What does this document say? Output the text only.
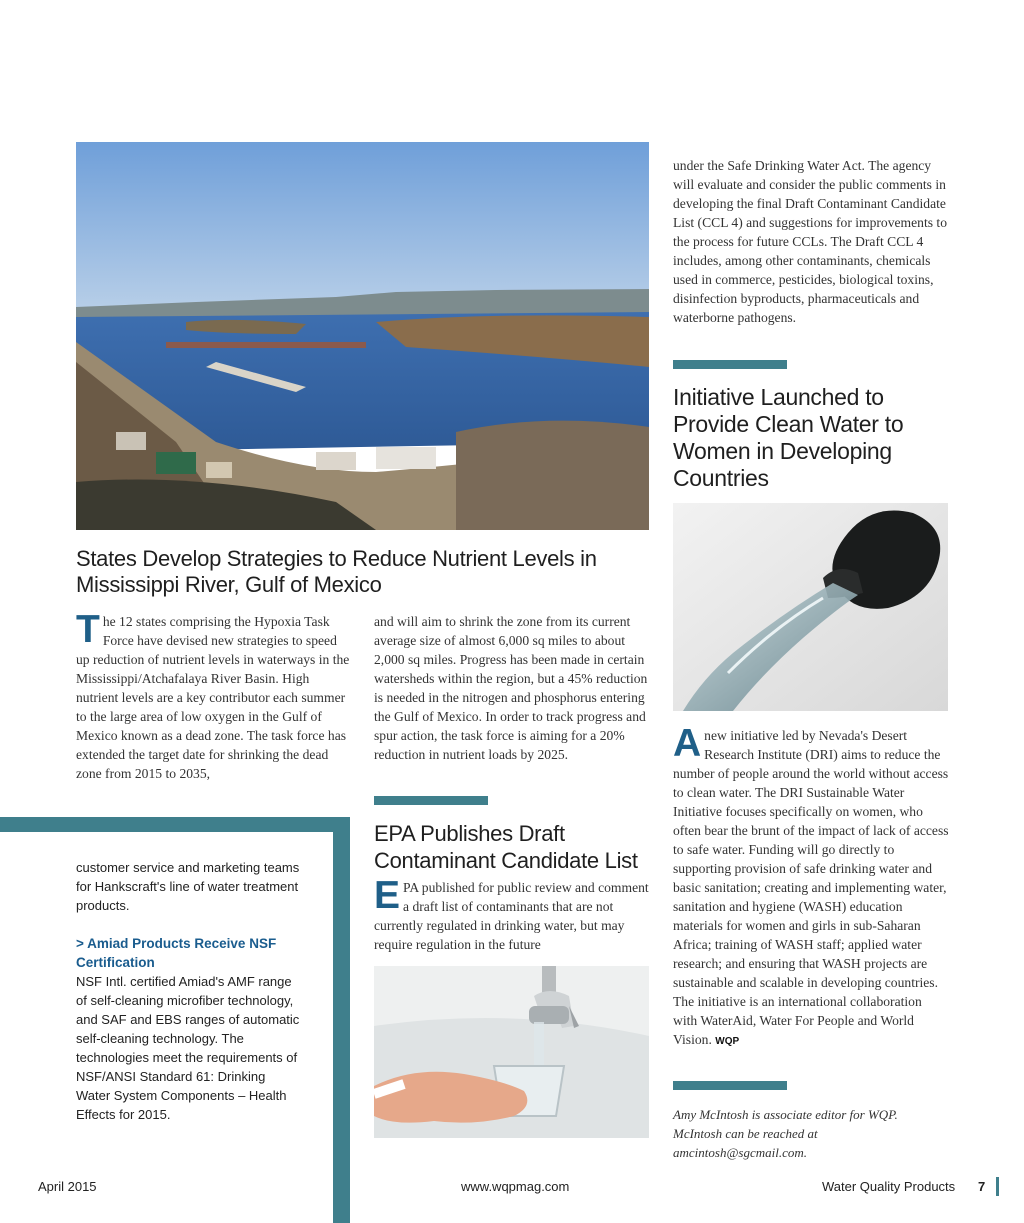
under the Safe Drinking Water Act. The agency will evaluate and consider the public comments in developing the final Draft Contaminant Candidate List (CCL 4) and suggestions for improvements to the process for future CCLs. The Draft CCL 4 includes, among other contaminants, chemicals used in commerce, pesticides, biological toxins, disinfection byproducts, pharmaceuticals and waterborne pathogens.
Initiative Launched to Provide Clean Water to Women in Developing Countries
States Develop Strategies to Reduce Nutrient Levels in Mississippi River, Gulf of Mexico
The 12 states comprising the Hypoxia Task Force have devised new strategies to speed up reduction of nutrient levels in waterways in the Mississippi/Atchafalaya River Basin. High nutrient levels are a key contributor each summer to the large area of low oxygen in the Gulf of Mexico known as a dead zone. The task force has extended the target date for shrinking the dead zone from 2015 to 2035,
and will aim to shrink the zone from its current average size of almost 6,000 sq miles to about 2,000 sq miles. Progress has been made in certain watersheds within the region, but a 45% reduction is needed in the nitrogen and phosphorus entering the Gulf of Mexico. In order to track progress and spur action, the task force is aiming for a 20% reduction in nutrient loads by 2025.
EPA Publishes Draft Contaminant Candidate List
EPA published for public review and comment a draft list of contaminants that are not currently regulated in drinking water, but may require regulation in the future
A new initiative led by Nevada's Desert Research Institute (DRI) aims to reduce the number of people around the world without access to clean water. The DRI Sustainable Water Initiative focuses specifically on women, who often bear the brunt of the impact of lack of access to safe water. Funding will go directly to supporting provision of safe drinking water and basic sanitation; creating and implementing water, sanitation and hygiene (WASH) education materials for women and girls in sub-Saharan Africa; training of WASH staff; applied water research; and ensuring that WASH projects are sustainable and scalable in developing countries. The initiative is an international collaboration with WaterAid, Water For People and World Vision. WQP
Amy McIntosh is associate editor for WQP. McIntosh can be reached at amcintosh@sgcmail.com.
customer service and marketing teams for Hankscraft's line of water treatment products.
> Amiad Products Receive NSF Certification
NSF Intl. certified Amiad's AMF range of self-cleaning microfiber technology, and SAF and EBS ranges of automatic self-cleaning technology. The technologies meet the requirements of NSF/ANSI Standard 61: Drinking Water System Components – Health Effects for 2015.
April 2015	www.wqpmag.com	Water Quality Products 7
